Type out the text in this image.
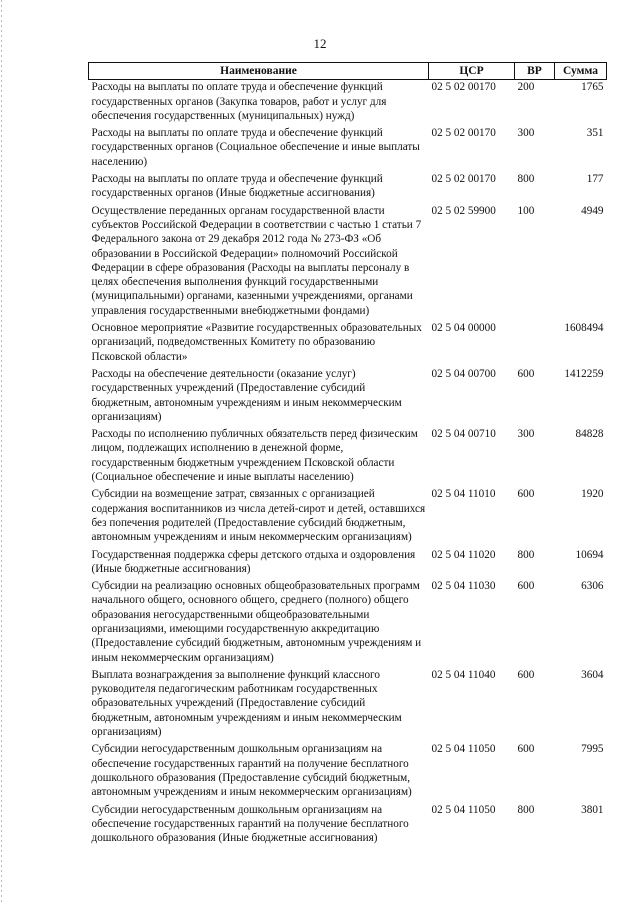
12
Наименование	ЦСР	ВР	Сумма
Расходы на выплаты по оплате труда и обеспечение функций государственных органов (Закупка товаров, работ и услуг для обеспечения государственных (муниципальных) нужд)	02 5 02 00170	200	1765
Расходы на выплаты по оплате труда и обеспечение функций государственных органов (Социальное обеспечение и иные выплаты населению)	02 5 02 00170	300	351
Расходы на выплаты по оплате труда и обеспечение функций государственных органов (Иные бюджетные ассигнования)	02 5 02 00170	800	177
Осуществление переданных органам государственной власти субъектов Российской Федерации в соответствии с частью 1 статьи 7 Федерального закона от 29 декабря 2012 года № 273-ФЗ «Об образовании в Российской Федерации» полномочий Российской Федерации в сфере образования (Расходы на выплаты персоналу в целях обеспечения выполнения функций государственными (муниципальными) органами, казенными учреждениями, органами управления государственными внебюджетными фондами)	02 5 02 59900	100	4949
Основное мероприятие «Развитие государственных образовательных организаций, подведомственных Комитету по образованию Псковской области»	02 5 04 00000		1608494
Расходы на обеспечение деятельности (оказание услуг) государственных учреждений (Предоставление субсидий бюджетным, автономным учреждениям и иным некоммерческим организациям)	02 5 04 00700	600	1412259
Расходы по исполнению публичных обязательств перед физическим лицом, подлежащих исполнению в денежной форме, государственным бюджетным учреждением Псковской области (Социальное обеспечение и иные выплаты населению)	02 5 04 00710	300	84828
Субсидии на возмещение затрат, связанных с организацией содержания воспитанников из числа детей-сирот и детей, оставшихся без попечения родителей (Предоставление субсидий бюджетным, автономным учреждениям и иным некоммерческим организациям)	02 5 04 11010	600	1920
Государственная поддержка сферы детского отдыха и оздоровления (Иные бюджетные ассигнования)	02 5 04 11020	800	10694
Субсидии на реализацию основных общеобразовательных программ начального общего, основного общего, среднего (полного) общего образования негосударственными общеобразовательными организациями, имеющими государственную аккредитацию (Предоставление субсидий бюджетным, автономным учреждениям и иным некоммерческим организациям)	02 5 04 11030	600	6306
Выплата вознаграждения за выполнение функций классного руководителя педагогическим работникам государственных образовательных учреждений (Предоставление субсидий бюджетным, автономным учреждениям и иным некоммерческим организациям)	02 5 04 11040	600	3604
Субсидии негосударственным дошкольным организациям на обеспечение государственных гарантий на получение бесплатного дошкольного образования (Предоставление субсидий бюджетным, автономным учреждениям и иным некоммерческим организациям)	02 5 04 11050	600	7995
Субсидии негосударственным дошкольным организациям на обеспечение государственных гарантий на получение бесплатного дошкольного образования (Иные бюджетные ассигнования)	02 5 04 11050	800	3801
